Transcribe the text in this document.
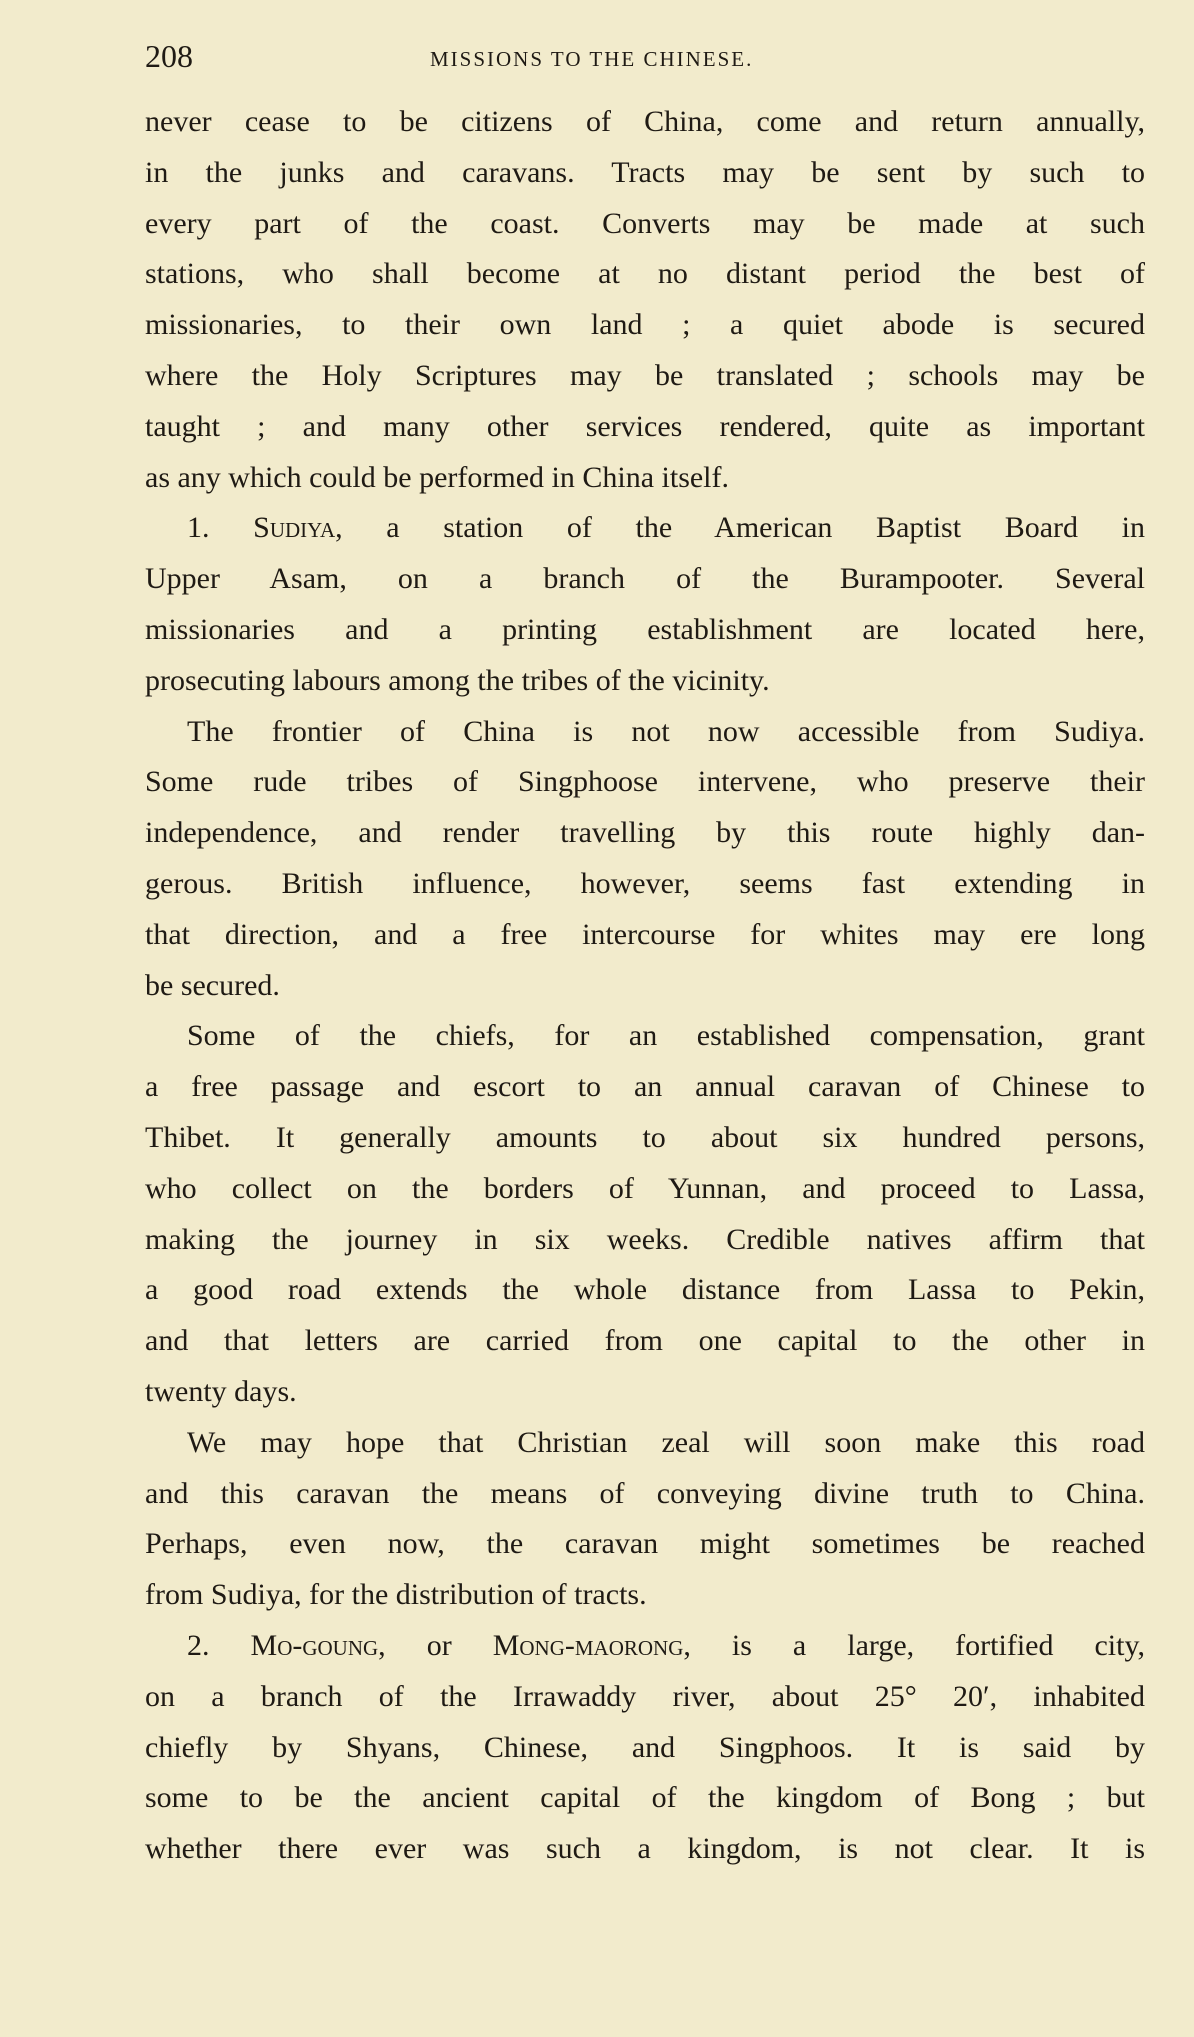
208	MISSIONS TO THE CHINESE.
never cease to be citizens of China, come and return annually,
in the junks and caravans. Tracts may be sent by such to
every part of the coast. Converts may be made at such
stations, who shall become at no distant period the best of
missionaries, to their own land ; a quiet abode is secured
where the Holy Scriptures may be translated ; schools may be
taught ; and many other services rendered, quite as important
as any which could be performed in China itself.
1. Sudiya, a station of the American Baptist Board in
Upper Asam, on a branch of the Burampooter. Several
missionaries and a printing establishment are located here,
prosecuting labours among the tribes of the vicinity.
The frontier of China is not now accessible from Sudiya.
Some rude tribes of Singphoose intervene, who preserve their
independence, and render travelling by this route highly dan-
gerous. British influence, however, seems fast extending in
that direction, and a free intercourse for whites may ere long
be secured.
Some of the chiefs, for an established compensation, grant
a free passage and escort to an annual caravan of Chinese to
Thibet. It generally amounts to about six hundred persons,
who collect on the borders of Yunnan, and proceed to Lassa,
making the journey in six weeks. Credible natives affirm that
a good road extends the whole distance from Lassa to Pekin,
and that letters are carried from one capital to the other in
twenty days.
We may hope that Christian zeal will soon make this road
and this caravan the means of conveying divine truth to China.
Perhaps, even now, the caravan might sometimes be reached
from Sudiya, for the distribution of tracts.
2. Mo-goung, or Mong-maorong, is a large, fortified city,
on a branch of the Irrawaddy river, about 25° 20′, inhabited
chiefly by Shyans, Chinese, and Singphoos. It is said by
some to be the ancient capital of the kingdom of Bong ; but
whether there ever was such a kingdom, is not clear. It is
